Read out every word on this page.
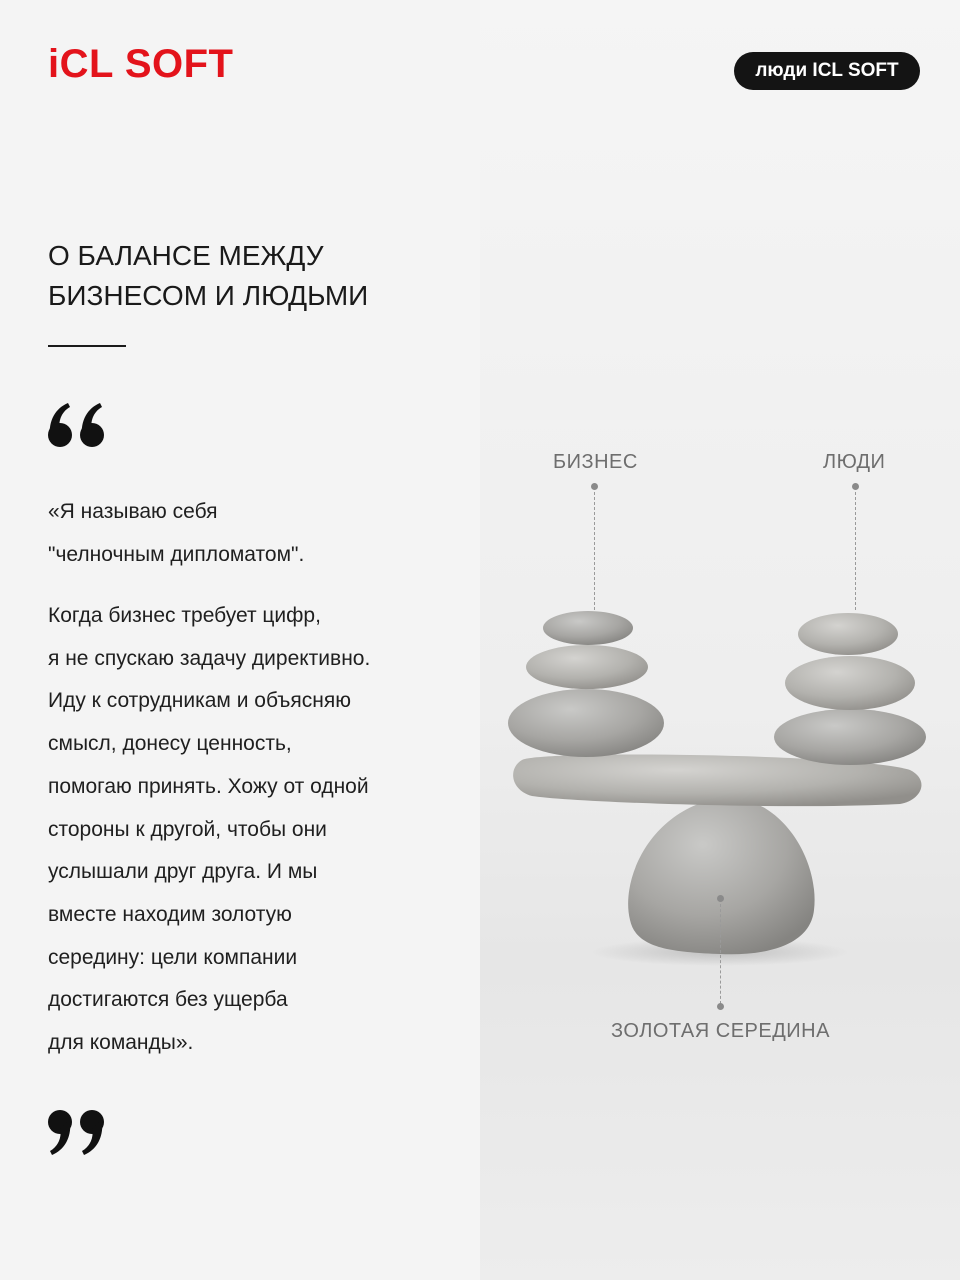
iCL SOFT	люди ICL SOFT
О БАЛАНСЕ МЕЖДУ
БИЗНЕСОМ И ЛЮДЬМИ
«Я называю себя
"челночным дипломатом".
Когда бизнес требует цифр,
я не спускаю задачу директивно.
Иду к сотрудникам и объясняю
смысл, донесу ценность,
помогаю принять. Хожу от одной
стороны к другой, чтобы они
услышали друг друга. И мы
вместе находим золотую
середину: цели компании
достигаются без ущерба
для команды».
БИЗНЕС	ЛЮДИ
ЗОЛОТАЯ СЕРЕДИНА
